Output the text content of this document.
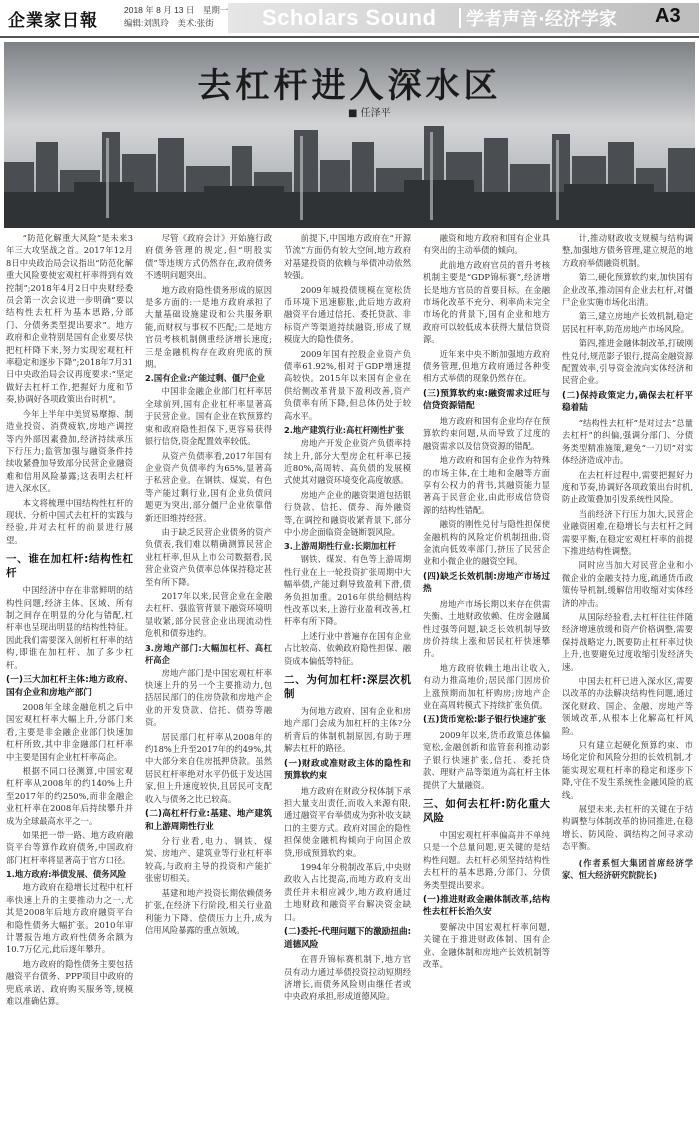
企業家日報
2018 年 8 月 13 日　星期一
编辑:刘凯玲　美术:张街	Scholars Sound 学者声音·经济学家 A3
去杠杆进入深水区
■ 任泽平

“防范化解重大风险”是未来3年三大攻坚战之首。2017年12月8日中央政治局会议指出“防范化解重大风险要使宏观杠杆率得到有效控制”;2018年4月2日中央财经委员会第一次会议进一步明确“要以结构性去杠杆为基本思路,分部门、分债务类型提出要求”。地方政府和企业特别是国有企业要尽快把杠杆降下来,努力实现宏观杠杆率稳定和逐步下降”;2018年7月31日中央政治局会议再度要求:“坚定做好去杠杆工作,把握好力度和节奏,协调好各项政策出台时机”。

今年上半年中美贸易摩擦、制造业投资、消费疲软,房地产调控等内外部因素叠加,经济持续承压下行压力;监管加强与融资条件持续收紧叠加导致部分民营企业融资难和信用风险暴露;这表明去杠杆进入深水区。

本文将梳理中国结构性杠杆的现状、分析中国式去杠杆的实践与经验,并对去杠杆的前景进行展望。

一、谁在加杠杆:结构性杠杆

中国经济中存在非常鲜明的结构性问题,经济主体、区域、所有制之间存在明显的分化与错配,杠杆率也呈现出明显的结构性特征。因此我们需要深入剖析杠杆率的结构,即谁在加杠杆、加了多少杠杆。

(一)三大加杠杆主体:地方政府、国有企业和房地产部门

2008年全球金融危机之后中国宏观杠杆率大幅上升,分部门来看,主要是非金融企业部门快速加杠杆所致,其中非金融部门杠杆率中主要是国有企业杠杆率高企。

根据不同口径测算,中国宏观杠杆率从2008年的约140%上升至2017年的约250%,而非金融企业杠杆率在2008年后持续攀升并成为全球最高水平之一。

如果把一带一路、地方政府融资平台等算作政府债务,中国政府部门杠杆率将显著高于官方口径。

1.地方政府:举债发展、债务风险

地方政府在稳增长过程中杠杆率快速上升的主要推动力之一,尤其是2008年后地方政府融资平台和隐性债务大幅扩张。2010年审计署报告地方政府性债务余额为10.7万亿元,此后逐年攀升。

地方政府的隐性债务主要包括融资平台债务、PPP项目中政府的兜底承诺、政府购买服务等,规模难以准确估算。

尽管《政府会计》开始施行政府债务管理的规定,但“明股实债”等违规方式仍然存在,政府债务不透明问题突出。

地方政府隐性债务形成的原因是多方面的:一是地方政府承担了大量基础设施建设和公共服务职能,而财权与事权不匹配;二是地方官员考核机制侧重经济增长速度;三是金融机构存在政府兜底的预期。

2.国有企业:产能过剩、僵尸企业

中国非金融企业部门杠杆率居全球前列,国有企业杠杆率显著高于民营企业。国有企业在软预算约束和政府隐性担保下,更容易获得银行信贷,资金配置效率较低。

从资产负债率看,2017年国有企业资产负债率约为65%,显著高于私营企业。在钢铁、煤炭、有色等产能过剩行业,国有企业负债问题更为突出,部分僵尸企业依靠借新还旧维持经营。

由于缺乏民营企业债务的资产负债表,我们难以精确测算民营企业杠杆率,但从上市公司数据看,民营企业资产负债率总体保持稳定甚至有所下降。

2017年以来,民营企业在金融去杠杆、强监管背景下融资环境明显收紧,部分民营企业出现流动性危机和债券违约。

3.房地产部门:大幅加杠杆、高杠杆高企

房地产部门是中国宏观杠杆率快速上升的另一个主要推动力,包括居民部门的住房贷款和房地产企业的开发贷款、信托、债券等融资。

居民部门杠杆率从2008年的约18%上升至2017年的约49%,其中大部分来自住房抵押贷款。虽然居民杠杆率绝对水平仍低于发达国家,但上升速度较快,且居民可支配收入与债务之比已较高。

(二)高杠杆行业:基建、地产建筑和上游周期性行业

分行业看,电力、钢铁、煤炭、房地产、建筑业等行业杠杆率较高,与政府主导的投资和产能扩张密切相关。

基建和地产投资长期依赖债务扩张,在经济下行阶段,相关行业盈利能力下降、偿债压力上升,成为信用风险暴露的重点领域。

前提下,中国地方政府在“开源节流”方面仍有较大空间,地方政府对基建投资的依赖与举债冲动依然较强。

2009年城投债规模在宽松货币环境下迅速膨胀,此后地方政府融资平台通过信托、委托贷款、非标资产等渠道持续融资,形成了规模庞大的隐性债务。

2009年国有控股企业资产负债率61.92%,相对于GDP增速提高较快。2015年以来国有企业在供给侧改革背景下盈利改善,资产负债率有所下降,但总体仍处于较高水平。

2.地产建筑行业:高杠杆刚性扩张

房地产开发企业资产负债率持续上升,部分大型房企杠杆率已接近80%,高周转、高负债的发展模式使其对融资环境变化高度敏感。

房地产企业的融资渠道包括银行贷款、信托、债券、海外融资等,在调控和融资收紧背景下,部分中小房企面临资金链断裂风险。

3.上游周期性行业:长期加杠杆

钢铁、煤炭、有色等上游周期性行业在上一轮投资扩张周期中大幅举债,产能过剩导致盈利下滑,债务负担加重。2016年供给侧结构性改革以来,上游行业盈利改善,杠杆率有所下降。

上述行业中普遍存在国有企业占比较高、依赖政府隐性担保、融资成本偏低等特征。

二、为何加杠杆:深层次机制

为何地方政府、国有企业和房地产部门会成为加杠杆的主体?分析背后的体制机制原因,有助于理解去杠杆的路径。

(一)财政或准财政主体的隐性和预算软约束

地方政府在财政分权体制下承担大量支出责任,而收入来源有限,通过融资平台举债成为弥补收支缺口的主要方式。政府对国企的隐性担保使金融机构倾向于向国企放贷,形成预算软约束。

1994年分税制改革后,中央财政收入占比提高,而地方政府支出责任并未相应减少,地方政府通过土地财政和融资平台解决资金缺口。

(二)委托-代理问题下的激励扭曲:道德风险

在晋升锦标赛机制下,地方官员有动力通过举债投资拉动短期经济增长,而债务风险则由继任者或中央政府承担,形成道德风险。

融资和地方政府和国有企业具有突出的主动举债的倾向。

此前地方政府官员的晋升考核机制主要是“GDP锦标赛”,经济增长是地方官员的首要目标。在金融市场化改革不充分、利率尚未完全市场化的背景下,国有企业和地方政府可以较低成本获得大量信贷资源。

近年来中央不断加强地方政府债务管理,但地方政府通过各种变相方式举债的现象仍然存在。

(三)预算软约束:融资需求过旺与信贷资源错配

地方政府和国有企业均存在预算软约束问题,从而导致了过度的融资需求以及信贷资源的错配。

地方政府和国有企业作为特殊的市场主体,在土地和金融等方面享有公权力的背书,其融资能力显著高于民营企业,由此形成信贷资源的结构性错配。

融资的刚性兑付与隐性担保使金融机构的风险定价机制扭曲,资金流向低效率部门,挤压了民营企业和小微企业的融资空间。

(四)缺乏长效机制:房地产市场过热

房地产市场长期以来存在供需失衡、土地财政依赖、住房金融属性过强等问题,缺乏长效机制导致房价持续上涨和居民杠杆快速攀升。

地方政府依赖土地出让收入,有动力推高地价;居民部门因房价上涨预期而加杠杆购房;房地产企业在高周转模式下持续扩张负债。

(五)货币宽松:影子银行快速扩张

2009年以来,货币政策总体偏宽松,金融创新和监管套利推动影子银行快速扩张,信托、委托贷款、理财产品等渠道为高杠杆主体提供了大量融资。

三、如何去杠杆:防化重大风险

中国宏观杠杆率偏高并不单纯只是一个总量问题,更关键的是结构性问题。去杠杆必须坚持结构性去杠杆的基本思路,分部门、分债务类型提出要求。

(一)推进财政金融体制改革,结构性去杠杆长治久安

要解决中国宏观杠杆率问题,关键在于推进财政体制、国有企业、金融体制和房地产长效机制等改革。

计,推动财政收支规模与结构调整,加强地方债务管理,建立规范的地方政府举债融资机制。

第二,硬化预算软约束,加快国有企业改革,推动国有企业去杠杆,对僵尸企业实施市场化出清。

第三,建立房地产长效机制,稳定居民杠杆率,防范房地产市场风险。

第四,推进金融体制改革,打破刚性兑付,规范影子银行,提高金融资源配置效率,引导资金流向实体经济和民营企业。

(二)保持政策定力,确保去杠杆平稳着陆

“结构性去杠杆”是对过去“总量去杠杆”的纠偏,强调分部门、分债务类型精准施策,避免“一刀切”对实体经济造成冲击。

在去杠杆过程中,需要把握好力度和节奏,协调好各项政策出台时机,防止政策叠加引发系统性风险。

当前经济下行压力加大,民营企业融资困难,在稳增长与去杠杆之间需要平衡,在稳定宏观杠杆率的前提下推进结构性调整。

同时应当加大对民营企业和小微企业的金融支持力度,疏通货币政策传导机制,缓解信用收缩对实体经济的冲击。

从国际经验看,去杠杆往往伴随经济增速放缓和资产价格调整,需要保持战略定力,既要防止杠杆率过快上升,也要避免过度收缩引发经济失速。

中国去杠杆已进入深水区,需要以改革的办法解决结构性问题,通过深化财政、国企、金融、房地产等领域改革,从根本上化解高杠杆风险。

只有建立起硬化预算约束、市场化定价和风险分担的长效机制,才能实现宏观杠杆率的稳定和逐步下降,守住不发生系统性金融风险的底线。

展望未来,去杠杆的关键在于结构调整与体制改革的协同推进,在稳增长、防风险、调结构之间寻求动态平衡。

(作者系恒大集团首席经济学家、恒大经济研究院院长)
